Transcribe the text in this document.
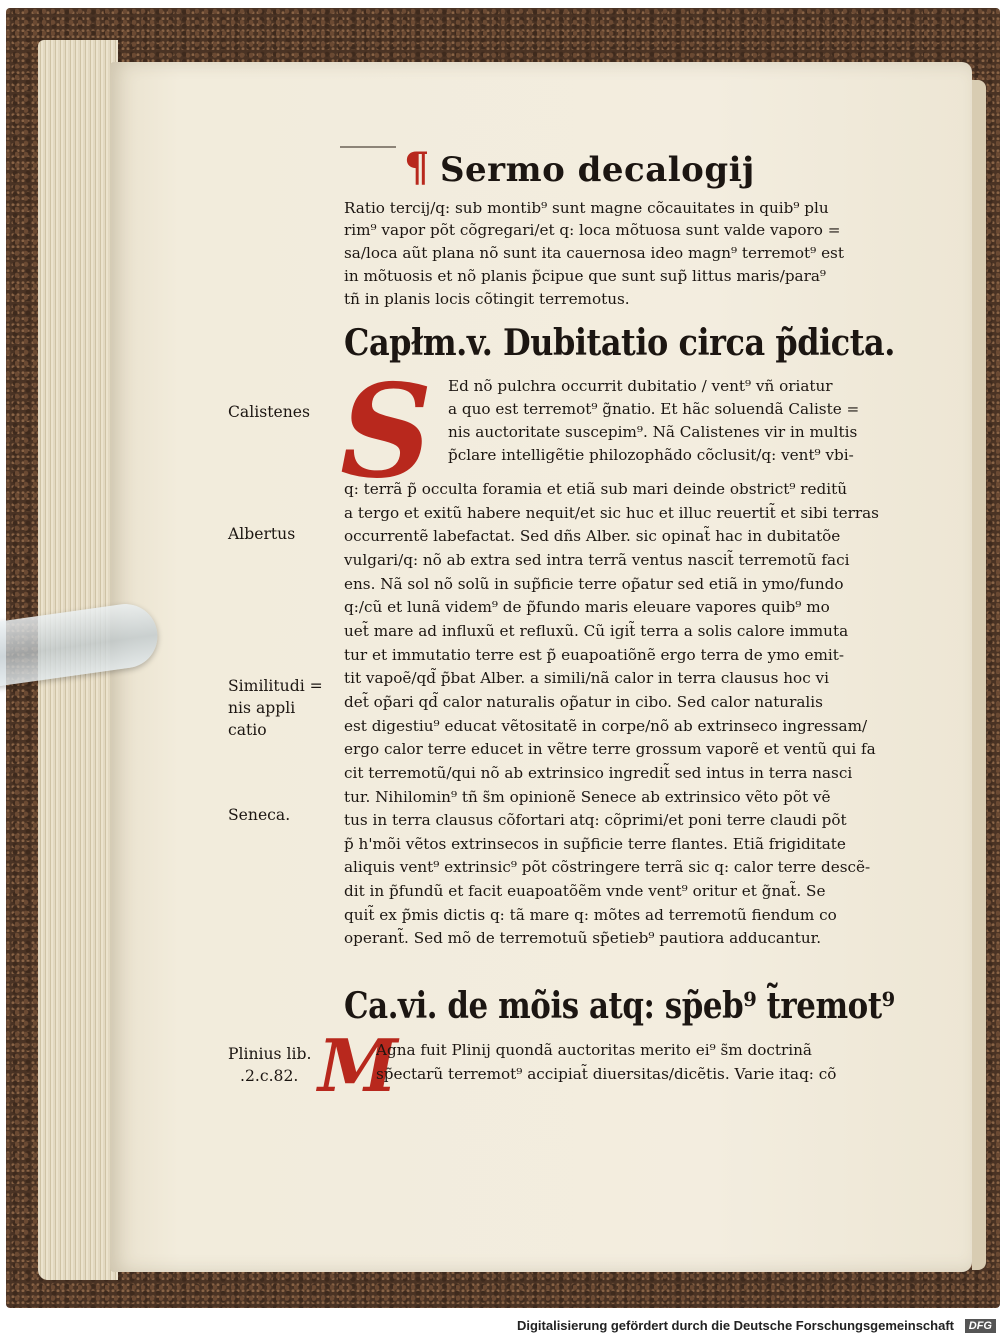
¶ Sermo decalogij
Ratio tercij/q: sub montib⁹ sunt magne cõcauitates in quib⁹ plu
rim⁹ vapor põt cõgregari/et q: loca mõtuosa sunt valde vaporo =
sa/loca aũt plana nõ sunt ita cauernosa ideo magn⁹ terremot⁹ est
in mõtuosis et nõ planis p̃cipue que sunt sup̃ littus maris/para⁹
tñ in planis locis cõtingit terremotus.
Capłm.v. Dubitatio circa p̃dicta.
S Ed nõ pulchra occurrit dubitatio / vent⁹ vñ oriatur
a quo est terremot⁹ g̃natio. Et hãc soluendã Caliste =
nis auctoritate suscepim⁹. Nã Calistenes vir in multis
p̃clare intelligẽtie philozophãdo cõclusit/q: vent⁹ vbi-
q: terrã p̃ occulta foramia et etiã sub mari deinde obstrict⁹ reditũ
a tergo et exitũ habere nequit/et sic huc et illuc reuertit̃ et sibi terras
occurrentẽ labefactat. Sed dñs Alber. sic opinat̃ hac in dubitatõe
vulgari/q: nõ ab extra sed intra terrã ventus nascit̃ terremotũ faci
ens. Nã sol nõ solũ in sup̃ficie terre op̃atur sed etiã in ymo/fundo
q:/cũ et lunã videm⁹ de p̃fundo maris eleuare vapores quib⁹ mo
uet̃ mare ad influxũ et refluxũ. Cũ igit̃ terra a solis calore immuta
tur et immutatio terre est p̃ euapoatiõnẽ ergo terra de ymo emit-
tit vapoẽ/qd̃ p̃bat Alber. a simili/nã calor in terra clausus hoc vi
det̃ op̃ari qd̃ calor naturalis op̃atur in cibo. Sed calor naturalis
est digestiu⁹ educat vẽtositatẽ in corpe/nõ ab extrinseco ingressam/
ergo calor terre educet in vẽtre terre grossum vaporẽ et ventũ qui fa
cit terremotũ/qui nõ ab extrinsico ingredit̃ sed intus in terra nasci
tur. Nihilomin⁹ tñ s̃m opinionẽ Senece ab extrinsico vẽto põt vẽ
tus in terra clausus cõfortari atq: cõprimi/et poni terre claudi põt
p̃ h'mõi vẽtos extrinsecos in sup̃ficie terre flantes. Etiã frigiditate
aliquis vent⁹ extrinsic⁹ põt cõstringere terrã sic q: calor terre descẽ-
dit in p̃fundũ et facit euapoatõẽm vnde vent⁹ oritur et g̃nat̃. Se
quit̃ ex p̃mis dictis q: tã mare q: mõtes ad terremotũ fiendum co
operant̃. Sed mõ de terremotuũ sp̃etieb⁹ pautiora adducantur.
Ca.vi. de mõis atq: sp̃eb⁹ t̃remot⁹
M
Agna fuit Plinij quondã auctoritas merito ei⁹ s̃m doctrinã
sp̃ectarũ terremot⁹ accipiat̃ diuersitas/dicẽtis. Varie itaq: cõ
Calistenes
Albertus
Similitudi =
nis appli
catio
Seneca.
Plinius lib.
.2.c.82.
Digitalisierung gefördert durch die Deutsche Forschungsgemeinschaft	DFG
